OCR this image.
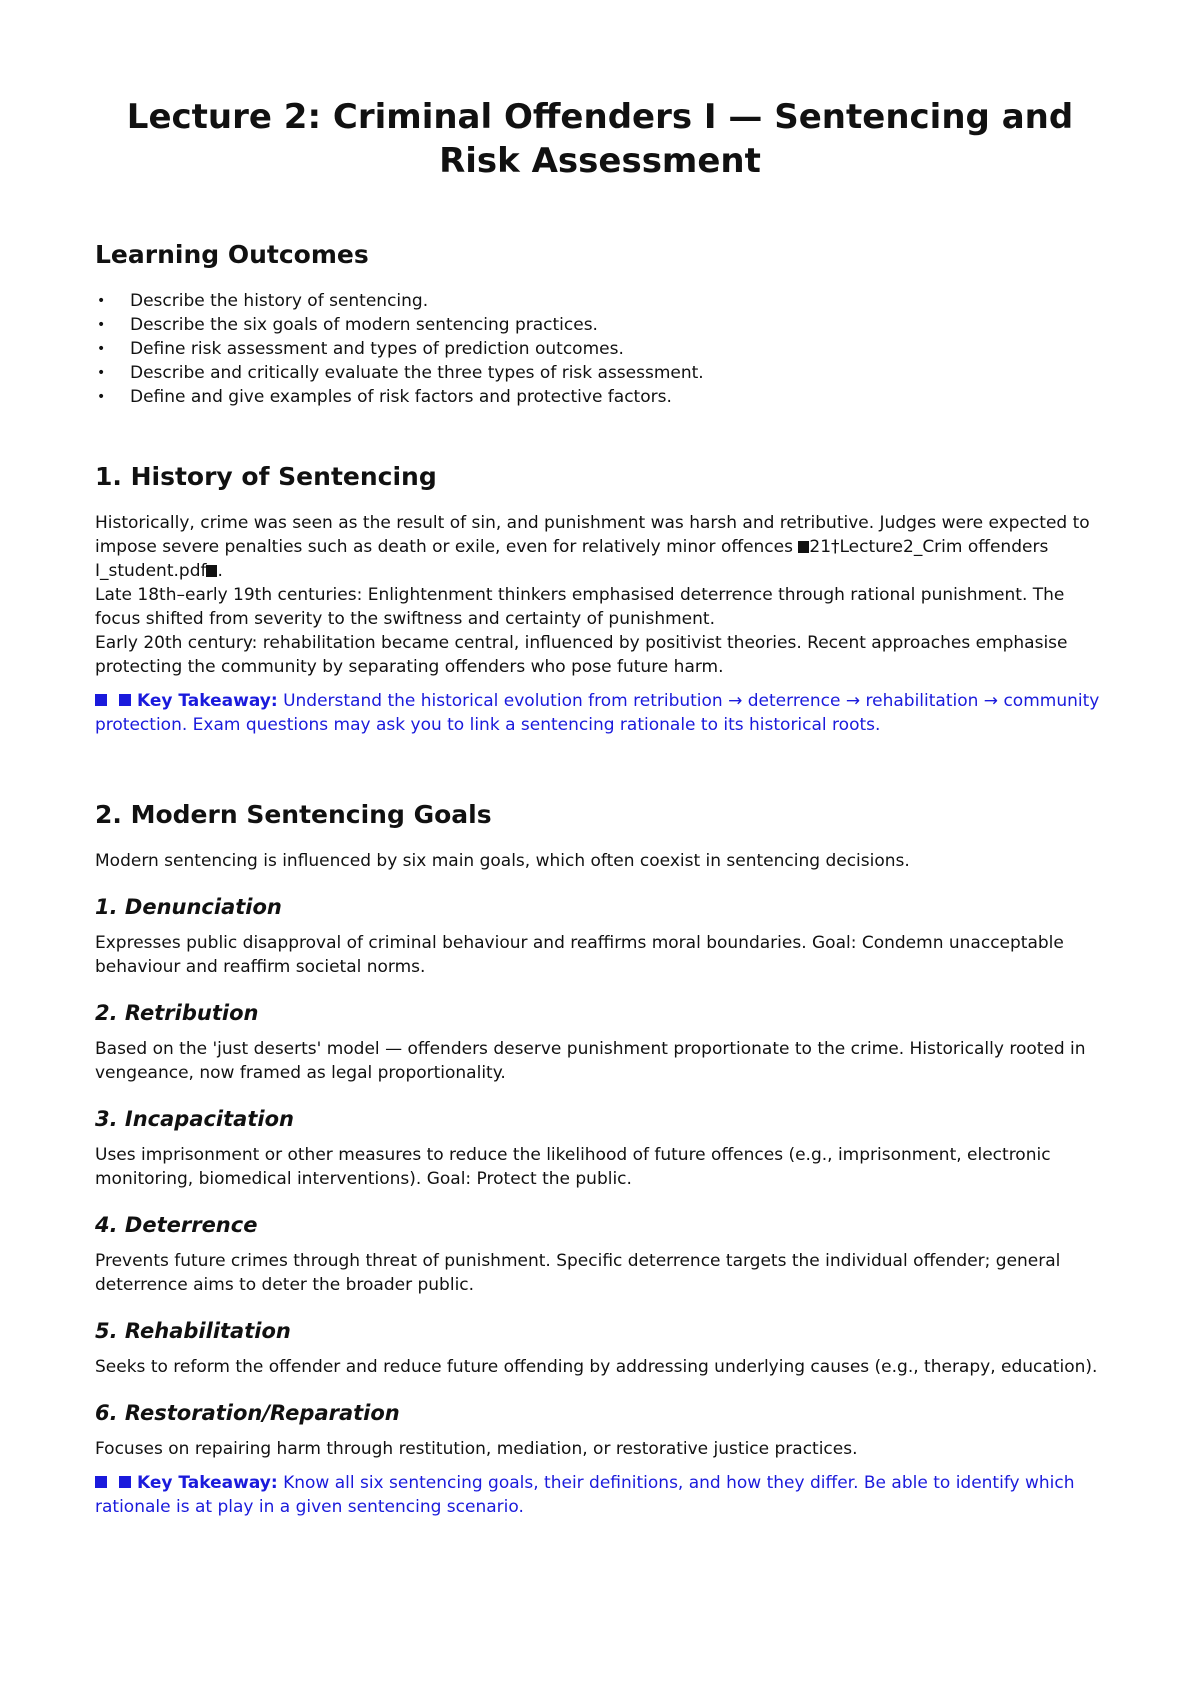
Lecture 2: Criminal Offenders I — Sentencing and Risk Assessment
Learning Outcomes
• Describe the history of sentencing.
• Describe the six goals of modern sentencing practices.
• Define risk assessment and types of prediction outcomes.
• Describe and critically evaluate the three types of risk assessment.
• Define and give examples of risk factors and protective factors.
1. History of Sentencing

Historically, crime was seen as the result of sin, and punishment was harsh and retributive. Judges were expected to impose severe penalties such as death or exile, even for relatively minor offences 21†Lecture2_Crim offenders I_student.pdf .

Late 18th–early 19th centuries: Enlightenment thinkers emphasised deterrence through rational punishment. The focus shifted from severity to the swiftness and certainty of punishment.

Early 20th century: rehabilitation became central, influenced by positivist theories. Recent approaches emphasise protecting the community by separating offenders who pose future harm.

Key Takeaway: Understand the historical evolution from retribution → deterrence → rehabilitation → community protection. Exam questions may ask you to link a sentencing rationale to its historical roots.
2. Modern Sentencing Goals

Modern sentencing is influenced by six main goals, which often coexist in sentencing decisions.

1. Denunciation

Expresses public disapproval of criminal behaviour and reaffirms moral boundaries. Goal: Condemn unacceptable behaviour and reaffirm societal norms.

2. Retribution

Based on the 'just deserts' model — offenders deserve punishment proportionate to the crime. Historically rooted in vengeance, now framed as legal proportionality.

3. Incapacitation

Uses imprisonment or other measures to reduce the likelihood of future offences (e.g., imprisonment, electronic monitoring, biomedical interventions). Goal: Protect the public.

4. Deterrence

Prevents future crimes through threat of punishment. Specific deterrence targets the individual offender; general deterrence aims to deter the broader public.

5. Rehabilitation

Seeks to reform the offender and reduce future offending by addressing underlying causes (e.g., therapy, education).

6. Restoration/Reparation

Focuses on repairing harm through restitution, mediation, or restorative justice practices.

Key Takeaway: Know all six sentencing goals, their definitions, and how they differ. Be able to identify which rationale is at play in a given sentencing scenario.
